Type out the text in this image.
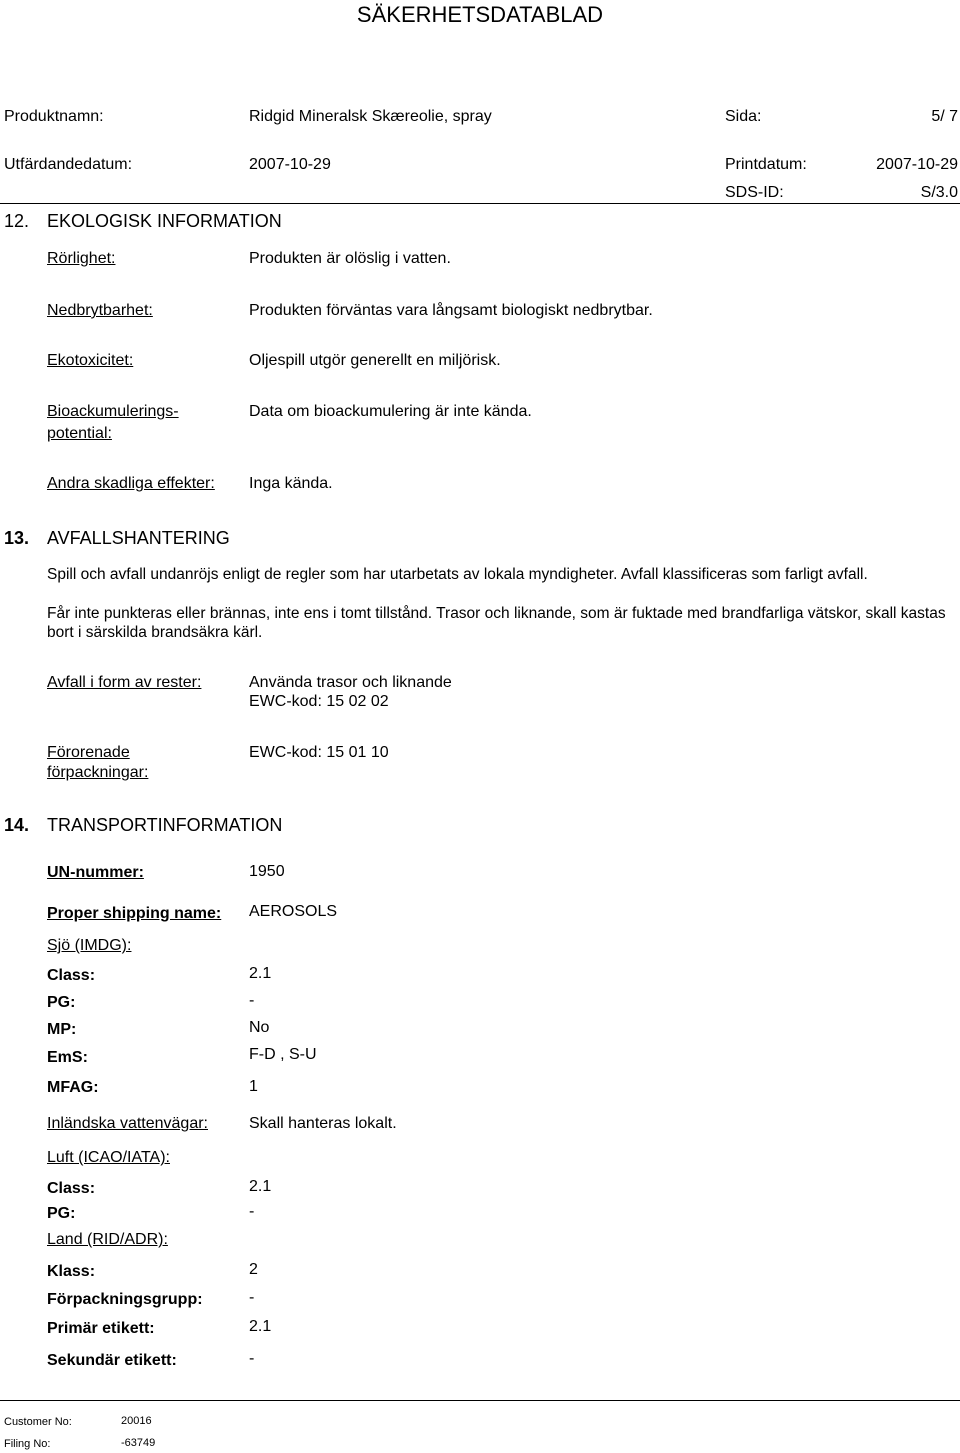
SÄKERHETSDATABLAD
Produktnamn:	Ridgid Mineralsk Skæreolie, spray	Sida:	5/ 7
Utfärdandedatum:	2007-10-29	Printdatum:	2007-10-29
SDS-ID:	S/3.0
12. EKOLOGISK INFORMATION
Rörlighet:	Produkten är olöslig i vatten.
Nedbrytbarhet:	Produkten förväntas vara långsamt biologiskt nedbrytbar.
Ekotoxicitet:	Oljespill utgör generellt en miljörisk.
Bioackumulerings-
potential:
Data om bioackumulering är inte kända.
Andra skadliga effekter: Inga kända.
13. AVFALLSHANTERING
Spill och avfall undanröjs enligt de regler som har utarbetats av lokala myndigheter. Avfall klassificeras som farligt avfall.
Får inte punkteras eller brännas, inte ens i tomt tillstånd. Trasor och liknande, som är fuktade med brandfarliga vätskor, skall kastas bort i särskilda brandsäkra kärl.
Avfall i form av rester:	Använda trasor och liknande
EWC-kod: 15 02 02
Förorenade
förpackningar:
EWC-kod: 15 01 10
14. TRANSPORTINFORMATION
UN-nummer:	1950
Proper shipping name: AEROSOLS
Sjö (IMDG):
Class:	2.1
PG:	-
MP:	No
EmS:	F-D , S-U
MFAG:	1
Inländska vattenvägar:	Skall hanteras lokalt.
Luft (ICAO/IATA):
Class:	2.1
PG:	-
Land (RID/ADR):
Klass:	2
Förpackningsgrupp:	-
Primär etikett:	2.1
Sekundär etikett:	-
Customer No:	20016
Filing No:	-63749
